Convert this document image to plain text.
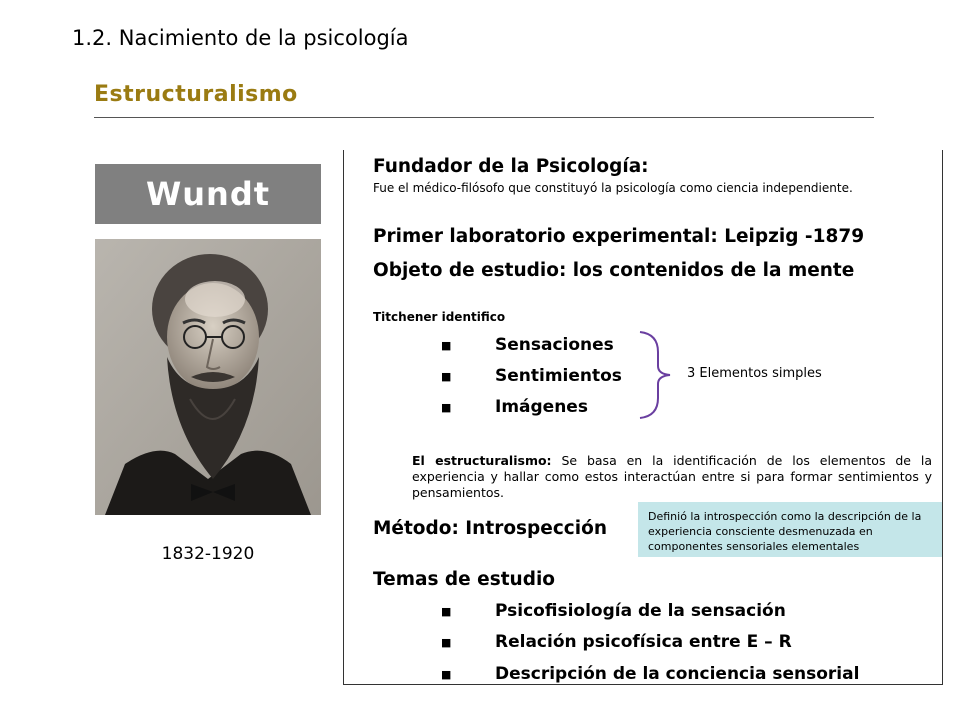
1.2. Nacimiento de la psicología
Estructuralismo
Wundt
1832-1920
Fundador de la Psicología:
Fue el médico-filósofo que constituyó la psicología como ciencia independiente.
Primer laboratorio experimental: Leipzig -1879
Objeto de estudio: los contenidos de la mente
Titchener identifico
■	Sensaciones
■	Sentimientos
■	Imágenes
3 Elementos simples
El estructuralismo: Se basa en la identificación de los elementos de la experiencia y hallar como estos interactúan entre si para formar sentimientos y pensamientos.
Método: Introspección
Definió la introspección como la descripción de la experiencia consciente desmenuzada en componentes sensoriales elementales
Temas de estudio
■	Psicofisiología de la sensación
■	Relación psicofísica entre E – R
■	Descripción de la conciencia sensorial
